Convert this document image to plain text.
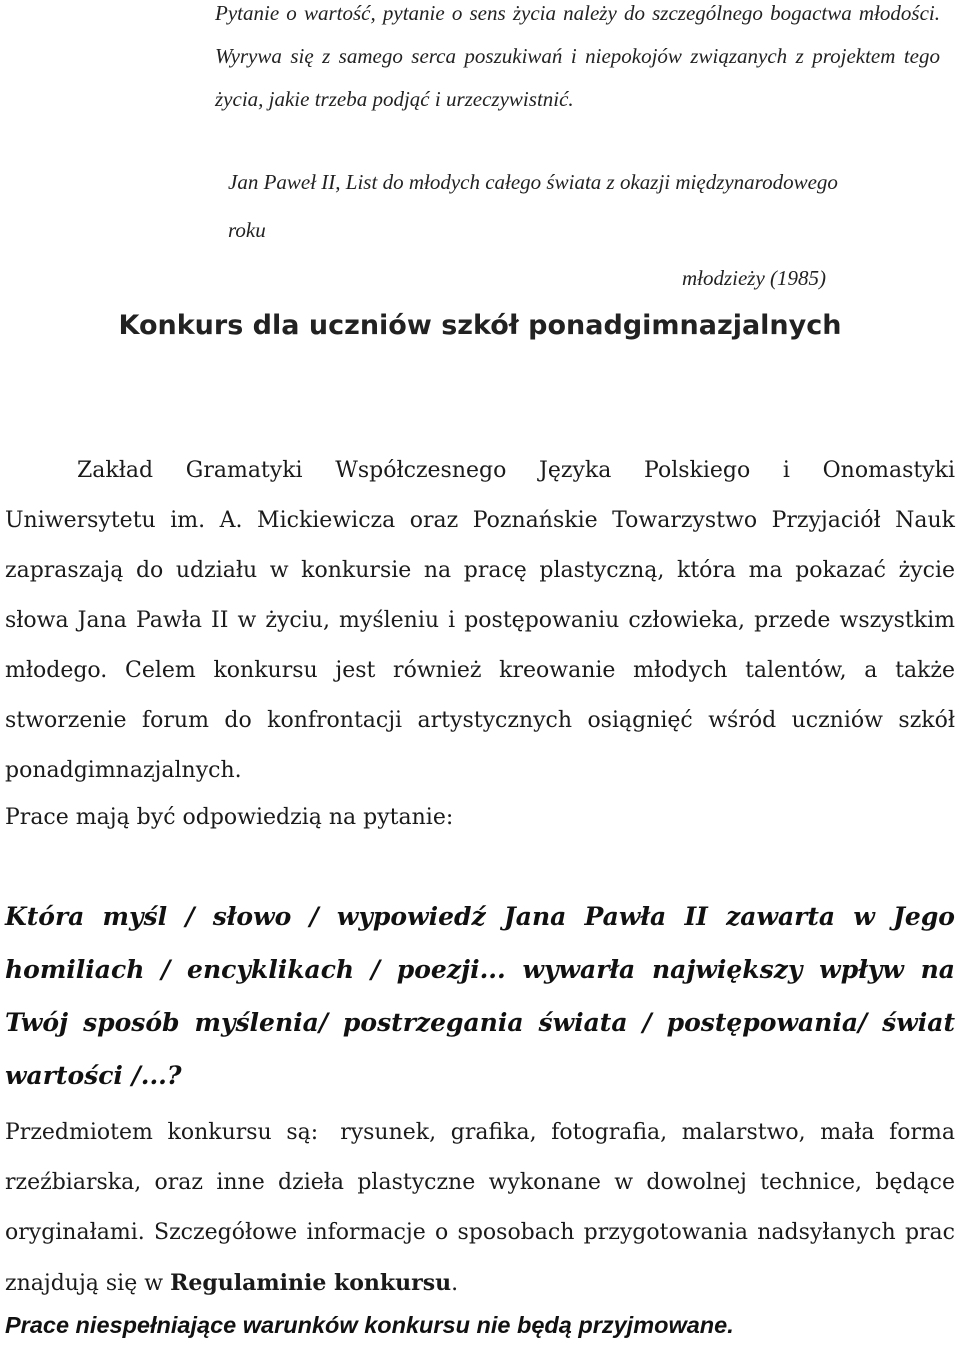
Pytanie o wartość, pytanie o sens życia należy do szczególnego bogactwa młodości. Wyrywa się z samego serca poszukiwań i niepokojów związanych z projektem tego życia, jakie trzeba podjąć i urzeczywistnić.
Jan Paweł II, List do młodych całego świata z okazji międzynarodowego roku
młodzieży (1985)
Konkurs dla uczniów szkół ponadgimnazjalnych
Zakład Gramatyki Współczesnego Języka Polskiego i Onomastyki Uniwersytetu im. A. Mickiewicza oraz Poznańskie Towarzystwo Przyjaciół Nauk zapraszają do udziału w konkursie na pracę plastyczną, która ma pokazać życie słowa Jana Pawła II w życiu, myśleniu i postępowaniu człowieka, przede wszystkim młodego. Celem konkursu jest również kreowanie młodych talentów, a także stworzenie forum do konfrontacji artystycznych osiągnięć wśród uczniów szkół ponadgimnazjalnych.
Prace mają być odpowiedzią na pytanie:
Która myśl / słowo / wypowiedź Jana Pawła II zawarta w Jego homiliach / encyklikach / poezji... wywarła największy wpływ na Twój sposób myślenia/ postrzegania świata / postępowania/ świat wartości /...?
Przedmiotem konkursu są: rysunek, grafika, fotografia, malarstwo, mała forma rzeźbiarska, oraz inne dzieła plastyczne wykonane w dowolnej technice, będące oryginałami. Szczegółowe informacje o sposobach przygotowania nadsyłanych prac znajdują się w Regulaminie konkursu.
Prace niespełniające warunków konkursu nie będą przyjmowane.
